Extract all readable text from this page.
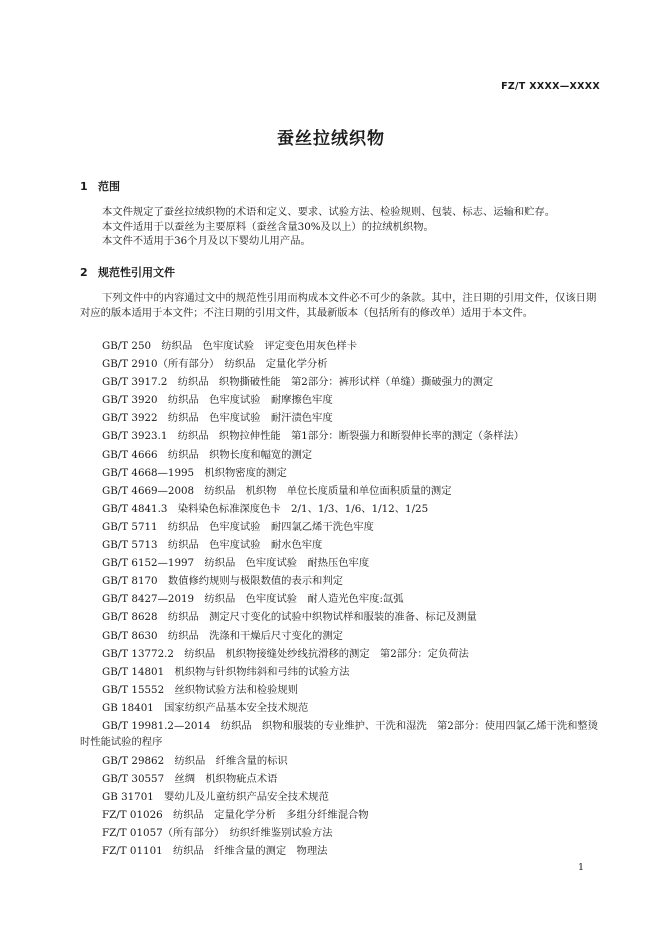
FZ/T XXXX—XXXX
蚕丝拉绒织物
1 范围
本文件规定了蚕丝拉绒织物的术语和定义、要求、试验方法、检验规则、包装、标志、运输和贮存。
本文件适用于以蚕丝为主要原料（蚕丝含量30%及以上）的拉绒机织物。
本文件不适用于36个月及以下婴幼儿用产品。
2 规范性引用文件
下列文件中的内容通过文中的规范性引用而构成本文件必不可少的条款。其中，注日期的引用文件，仅该日期对应的版本适用于本文件；不注日期的引用文件，其最新版本（包括所有的修改单）适用于本文件。
GB/T 250　纺织品　色牢度试验　评定变色用灰色样卡
GB/T 2910（所有部分）　纺织品　定量化学分析
GB/T 3917.2　纺织品　织物撕破性能　第2部分：裤形试样（单缝）撕破强力的测定
GB/T 3920　纺织品　色牢度试验　耐摩擦色牢度
GB/T 3922　纺织品　色牢度试验　耐汗渍色牢度
GB/T 3923.1　纺织品　织物拉伸性能　第1部分：断裂强力和断裂伸长率的测定（条样法）
GB/T 4666　纺织品　织物长度和幅宽的测定
GB/T 4668—1995　机织物密度的测定
GB/T 4669—2008　纺织品　机织物　单位长度质量和单位面积质量的测定
GB/T 4841.3　染料染色标准深度色卡　2/1、1/3、1/6、1/12、1/25
GB/T 5711　纺织品　色牢度试验　耐四氯乙烯干洗色牢度
GB/T 5713　纺织品　色牢度试验　耐水色牢度
GB/T 6152—1997　纺织品　色牢度试验　耐热压色牢度
GB/T 8170　数值修约规则与极限数值的表示和判定
GB/T 8427—2019　纺织品　色牢度试验　耐人造光色牢度:氙弧
GB/T 8628　纺织品　测定尺寸变化的试验中织物试样和服装的准备、标记及测量
GB/T 8630　纺织品　洗涤和干燥后尺寸变化的测定
GB/T 13772.2　纺织品　机织物接缝处纱线抗滑移的测定　第2部分：定负荷法
GB/T 14801　机织物与针织物纬斜和弓纬的试验方法
GB/T 15552　丝织物试验方法和检验规则
GB 18401　国家纺织产品基本安全技术规范
GB/T 19981.2—2014　纺织品　织物和服装的专业维护、干洗和湿洗　第2部分：使用四氯乙烯干洗和整烫时性能试验的程序
GB/T 29862　纺织品　纤维含量的标识
GB/T 30557　丝绸　机织物疵点术语
GB 31701　婴幼儿及儿童纺织产品安全技术规范
FZ/T 01026　纺织品　定量化学分析　多组分纤维混合物
FZ/T 01057（所有部分）　纺织纤维鉴别试验方法
FZ/T 01101　纺织品　纤维含量的测定　物理法
1
